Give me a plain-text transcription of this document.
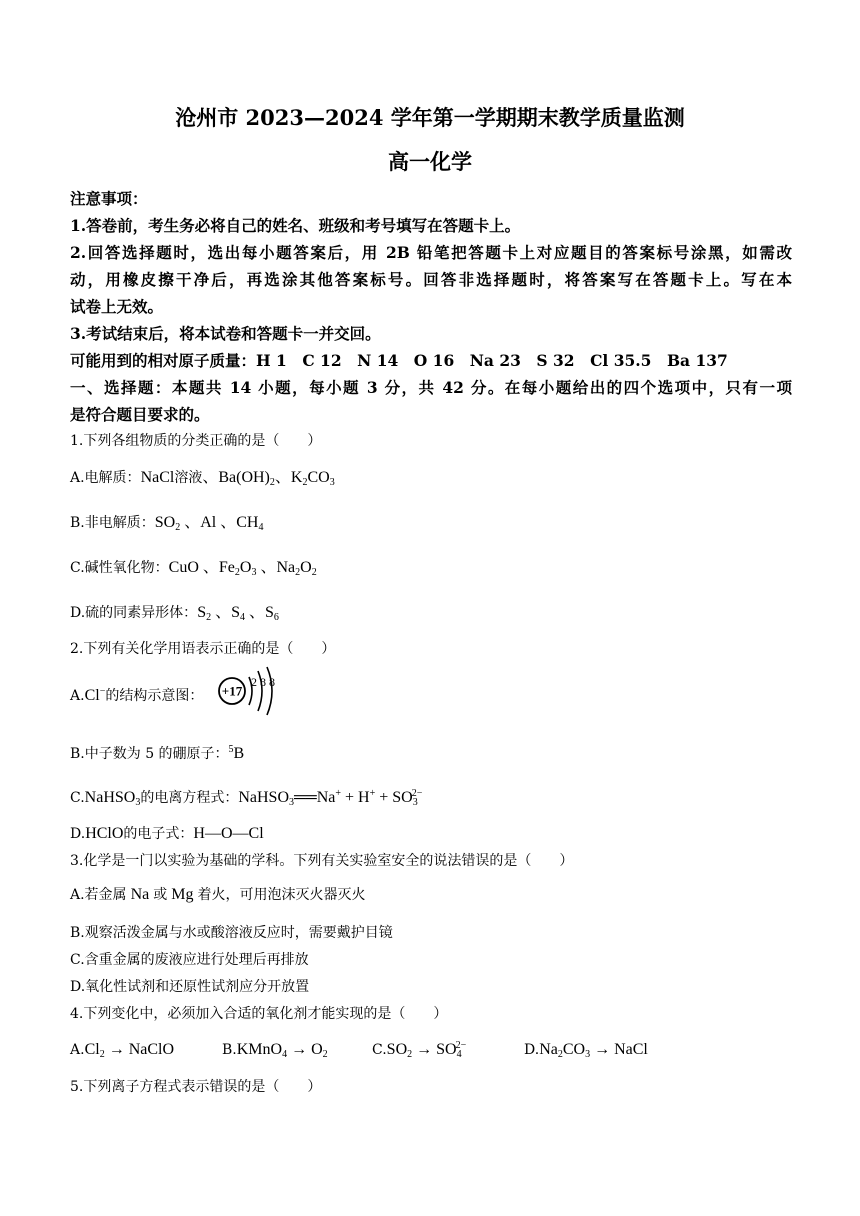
沧州市 2023—2024 学年第一学期期末教学质量监测
高一化学
注意事项：
1.答卷前，考生务必将自己的姓名、班级和考号填写在答题卡上。
2.回答选择题时，选出每小题答案后，用 2B 铅笔把答题卡上对应题目的答案标号涂黑，如需改
动，用橡皮擦干净后，再选涂其他答案标号。回答非选择题时，将答案写在答题卡上。写在本
试卷上无效。
3.考试结束后，将本试卷和答题卡一并交回。
可能用到的相对原子质量：H 1　C 12　N 14　O 16　Na 23　S 32　Cl 35.5　Ba 137
一、选择题：本题共 14 小题，每小题 3 分，共 42 分。在每小题给出的四个选项中，只有一项
是符合题目要求的。
1.下列各组物质的分类正确的是（　　）
A.电解质：NaCl溶液、$Ba(OH)_2$、$K_2CO_3$
B.非电解质：$SO_2$ 、Al 、$CH_4$
C.碱性氧化物：CuO 、$Fe_2O_3$ 、$Na_2O_2$
D.硫的同素异形体：$S_2$ 、$S_4$ 、$S_6$
2.下列有关化学用语表示正确的是（　　）
A.Cl−的结构示意图： +17
2 8 8
B.中子数为 5 的硼原子：$^5$B
C.NaHSO$_3$的电离方程式：NaHSO$_3$══Na+ + $H^+ + SO_3^{2-}$
D.HClO的电子式：H—O—Cl
3.化学是一门以实验为基础的学科。下列有关实验室安全的说法错误的是（　　）
A.若金属 Na 或 Mg 着火，可用泡沫灭火器灭火
B.观察活泼金属与水或酸溶液反应时，需要戴护目镜
C.含重金属的废液应进行处理后再排放
D.氧化性试剂和还原性试剂应分开放置
4.下列变化中，必须加入合适的氧化剂才能实现的是（　　）
$A.Cl_2$ → NaClO	B.KMnO$_4$ → $O_2$	$C.SO_2 \to SO_4^{2-}$	$D.Na_2CO_3$ → NaCl
5.下列离子方程式表示错误的是（　　）
